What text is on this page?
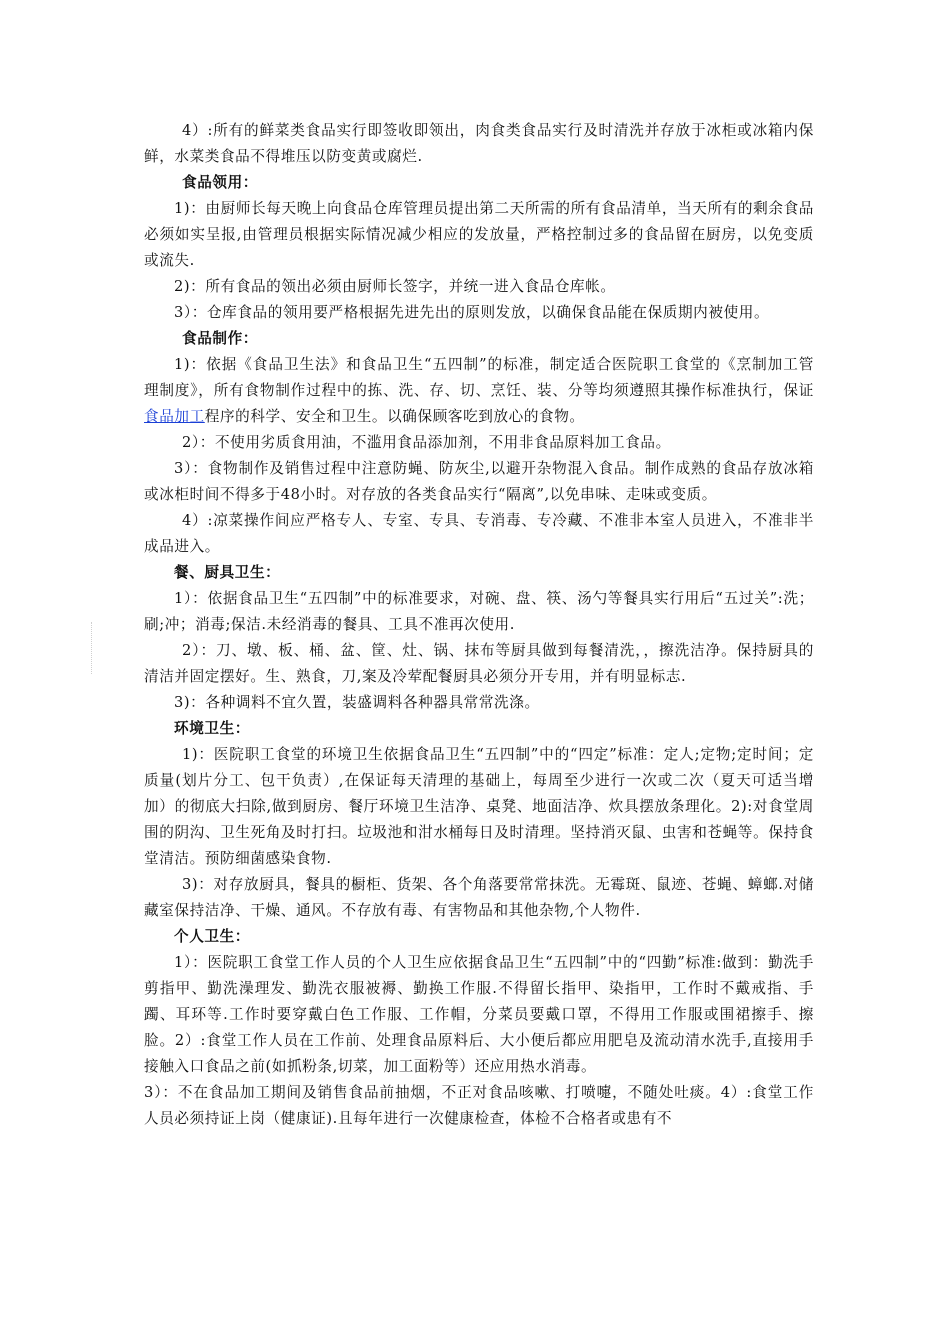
4）:所有的鲜菜类食品实行即签收即领出，肉食类食品实行及时清洗并存放于冰柜或冰箱内保鲜，水菜类食品不得堆压以防变黄或腐烂.

食品领用：

1)：由厨师长每天晚上向食品仓库管理员提出第二天所需的所有食品清单，当天所有的剩余食品必须如实呈报,由管理员根据实际情况减少相应的发放量，严格控制过多的食品留在厨房，以免变质或流失.

2)：所有食品的领出必须由厨师长签字，并统一进入食品仓库帐。

3）：仓库食品的领用要严格根据先进先出的原则发放，以确保食品能在保质期内被使用。

食品制作：

1)：依据《食品卫生法》和食品卫生“五四制”的标准，制定适合医院职工食堂的《烹制加工管理制度》，所有食物制作过程中的拣、洗、存、切、烹饪、装、分等均须遵照其操作标准执行，保证食品加工程序的科学、安全和卫生。以确保顾客吃到放心的食物。

2）：不使用劣质食用油，不滥用食品添加剂，不用非食品原料加工食品。

3）：食物制作及销售过程中注意防蝇、防灰尘,以避开杂物混入食品。制作成熟的食品存放冰箱或冰柜时间不得多于48小时。对存放的各类食品实行“隔离”,以免串味、走味或变质。

4）:凉菜操作间应严格专人、专室、专具、专消毒、专冷藏、不准非本室人员进入，不准非半成品进入。

餐、厨具卫生：

1）：依据食品卫生“五四制”中的标准要求，对碗、盘、筷、汤勺等餐具实行用后“五过关”:洗；刷;冲；消毒;保洁.未经消毒的餐具、工具不准再次使用.

2）：刀、墩、板、桶、盆、筐、灶、锅、抹布等厨具做到每餐清洗，，擦洗洁净。保持厨具的清洁并固定摆好。生、熟食，刀,案及冷荤配餐厨具必须分开专用，并有明显标志.

3)：各种调料不宜久置，装盛调料各种器具常常洗涤。

环境卫生：

1)：医院职工食堂的环境卫生依据食品卫生“五四制”中的“四定”标准：定人;定物;定时间；定质量(划片分工、包干负责）,在保证每天清理的基础上，每周至少进行一次或二次（夏天可适当增加）的彻底大扫除,做到厨房、餐厅环境卫生洁净、桌凳、地面洁净、炊具摆放条理化。2):对食堂周围的阴沟、卫生死角及时打扫。垃圾池和泔水桶每日及时清理。坚持消灭鼠、虫害和苍蝇等。保持食堂清洁。预防细菌感染食物.

3)：对存放厨具，餐具的橱柜、货架、各个角落要常常抹洗。无霉斑、鼠迹、苍蝇、蟑螂.对储藏室保持洁净、干燥、通风。不存放有毒、有害物品和其他杂物,个人物件.

个人卫生：

1）：医院职工食堂工作人员的个人卫生应依据食品卫生“五四制”中的“四勤”标准:做到：勤洗手剪指甲、勤洗澡理发、勤洗衣服被褥、勤换工作服.不得留长指甲、染指甲，工作时不戴戒指、手躅、耳环等.工作时要穿戴白色工作服、工作帽，分菜员要戴口罩，不得用工作服或围裙擦手、擦脸。2）:食堂工作人员在工作前、处理食品原料后、大小便后都应用肥皂及流动清水洗手,直接用手接触入口食品之前(如抓粉条,切菜，加工面粉等）还应用热水消毒。

3）：不在食品加工期间及销售食品前抽烟，不正对食品咳嗽、打喷嚏，不随处吐痰。4）:食堂工作人员必须持证上岗（健康证).且每年进行一次健康检查，体检不合格者或患有不
